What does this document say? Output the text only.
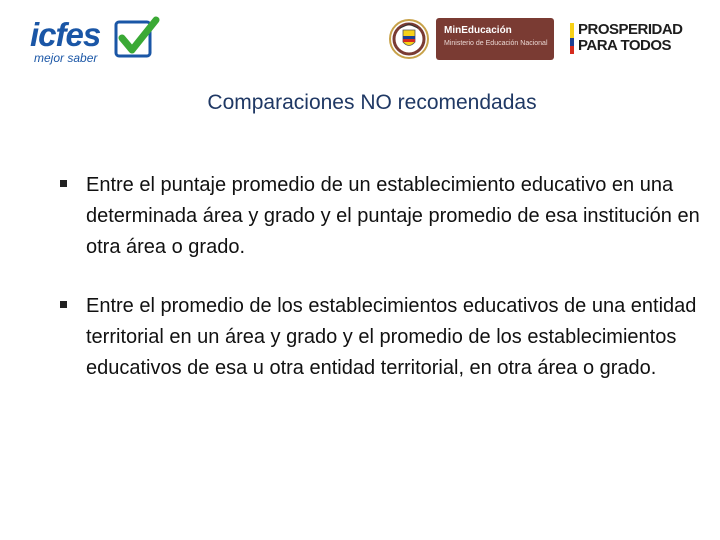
icfes
mejor saber
MinEducación
Ministerio de Educación Nacional
PROSPERIDAD
PARA TODOS
Comparaciones NO recomendadas
Entre el puntaje promedio de un establecimiento educativo en una determinada área y grado y el puntaje promedio de esa institución en otra área o grado.
Entre el promedio de los establecimientos educativos de una entidad territorial en un área y grado y el promedio de los establecimientos educativos de esa u otra entidad territorial, en otra área o grado.
